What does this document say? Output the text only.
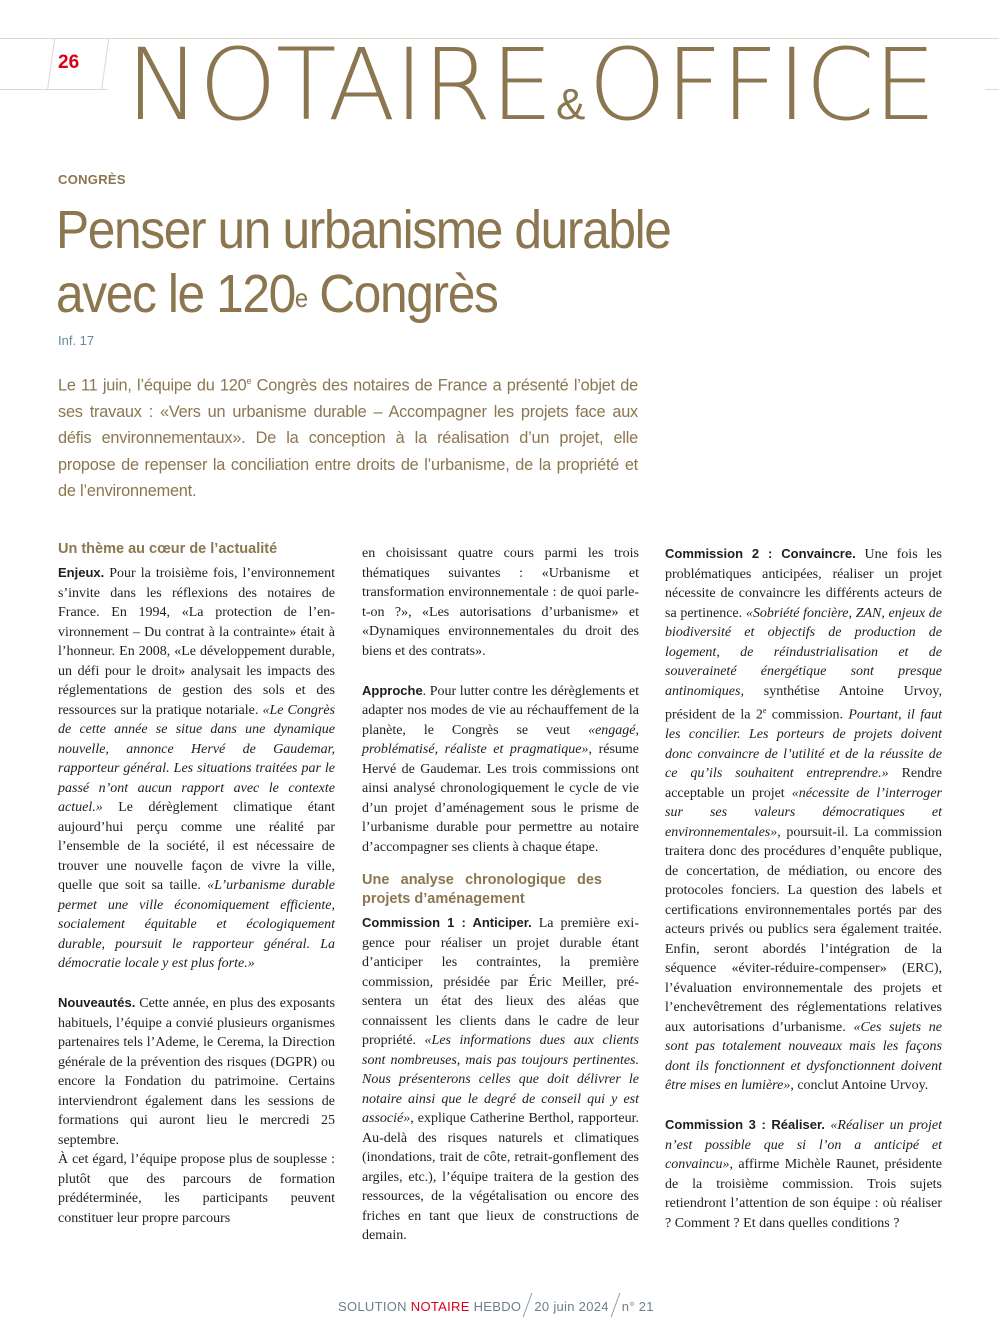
26 NOTAIRE&OFFICE
CONGRÈS
Penser un urbanisme durable
avec le 120e Congrès
Inf. 17
Le 11 juin, l’équipe du 120e Congrès des notaires de France a présenté l’objet de ses travaux : «Vers un urbanisme durable – Accompagner les projets face aux défis environnementaux». De la conception à la réalisation d’un projet, elle propose de repenser la conciliation entre droits de l’urbanisme, de la propriété et de l’environnement.
Un thème au cœur de l’actualité

Enjeux. Pour la troisième fois, l’environnement s’invite dans les réflexions des notaires de France. En 1994, «La protection de l’environnement – Du contrat à la contrainte» était à l’honneur. En 2008, «Le développement durable, un défi pour le droit» analysait les impacts des réglementations de gestion des sols et des ressources sur la pratique notariale. «Le Congrès de cette année se situe dans une dynamique nouvelle, annonce Hervé de Gaudemar, rapporteur général. Les situations traitées par le passé n’ont aucun rapport avec le contexte actuel.» Le dérèglement climatique étant aujourd’hui perçu comme une réalité par l’ensemble de la société, il est nécessaire de trouver une nouvelle façon de vivre la ville, quelle que soit sa taille. «L’urbanisme durable permet une ville économiquement efficiente, socialement équitable et écologiquement durable, poursuit le rapporteur général. La démocratie locale y est plus forte.»

Nouveautés. Cette année, en plus des exposants habituels, l’équipe a convié plusieurs organismes partenaires tels l’Ademe, le Cerema, la Direction générale de la prévention des risques (DGPR) ou encore la Fondation du patrimoine. Certains interviendront également dans les sessions de formations qui auront lieu le mercredi 25 septembre.

À cet égard, l’équipe propose plus de souplesse : plutôt que des parcours de formation prédéterminée, les participants peuvent constituer leur propre parcours

en choisissant quatre cours parmi les trois thématiques suivantes : «Urbanisme et transformation environnementale : de quoi parle-t-on ?», «Les autorisations d’urbanisme» et «Dynamiques environnementales du droit des biens et des contrats».

Approche. Pour lutter contre les dérèglements et adapter nos modes de vie au réchauffement de la planète, le Congrès se veut «engagé, problématisé, réaliste et pragmatique», résume Hervé de Gaudemar. Les trois commissions ont ainsi analysé chronologiquement le cycle de vie d’un projet d’aménagement sous le prisme de l’urbanisme durable pour permettre au notaire d’accompagner ses clients à chaque étape.

Une analyse chronologique des projets d’aménagement

Commission 1 : Anticiper. La première exigence pour réaliser un projet durable étant d’anticiper les contraintes, la première commission, présidée par Éric Meiller, présentera un état des lieux des aléas que connaissent les clients dans le cadre de leur propriété. «Les informations dues aux clients sont nombreuses, mais pas toujours pertinentes. Nous présenterons celles que doit délivrer le notaire ainsi que le degré de conseil qui y est associé», explique Catherine Berthol, rapporteur. Au-delà des risques naturels et climatiques (inondations, trait de côte, retrait-gonflement des argiles, etc.), l’équipe traitera de la gestion des ressources, de la végétalisation ou encore des friches en tant que lieux de constructions de demain.

Commission 2 : Convaincre. Une fois les problématiques anticipées, réaliser un projet nécessite de convaincre les différents acteurs de sa pertinence. «Sobriété foncière, ZAN, enjeux de biodiversité et objectifs de production de logement, de réindustrialisation et de souveraineté énergétique sont presque antinomiques, synthétise Antoine Urvoy, président de la 2e commission. Pourtant, il faut les concilier. Les porteurs de projets doivent donc convaincre de l’utilité et de la réussite de ce qu’ils souhaitent entreprendre.» Rendre acceptable un projet «nécessite de l’interroger sur ses valeurs démocratiques et environnementales», poursuit-il. La commission traitera donc des procédures d’enquête publique, de concertation, de médiation, ou encore des protocoles fonciers. La question des labels et certifications environnementales portés par des acteurs privés ou publics sera également traitée. Enfin, seront abordés l’intégration de la séquence «éviter-réduire-compenser» (ERC), l’évaluation environnementale des projets et l’enchevêtrement des réglementations relatives aux autorisations d’urbanisme. «Ces sujets ne sont pas totalement nouveaux mais les façons dont ils fonctionnent et dysfonctionnent doivent être mises en lumière», conclut Antoine Urvoy.

Commission 3 : Réaliser. «Réaliser un projet n’est possible que si l’on a anticipé et convaincu», affirme Michèle Raunet, présidente de la troisième commission. Trois sujets retiendront l’attention de son équipe : où réaliser ? Comment ? Et dans quelles conditions ?

SOLUTION NOTAIRE HEBDO 20 juin 2024 n° 21
